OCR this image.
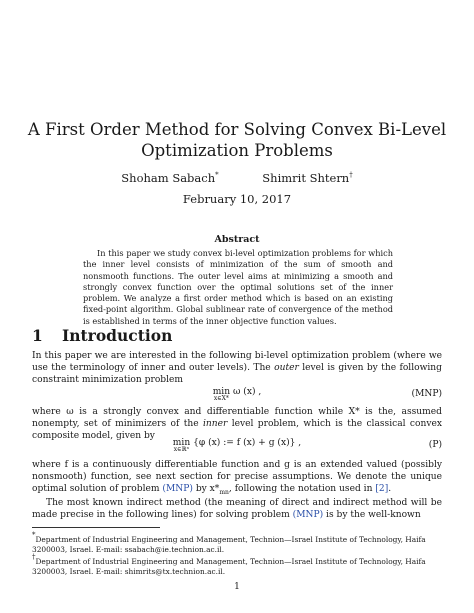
A First Order Method for Solving Convex Bi-Level
Optimization Problems
Shoham Sabach*	Shimrit Shtern†
February 10, 2017
Abstract
In this paper we study convex bi-level optimization problems for which the inner level consists of minimization of the sum of smooth and nonsmooth functions. The outer level aims at minimizing a smooth and strongly convex function over the optimal solutions set of the inner problem. We analyze a first order method which is based on an existing fixed-point algorithm. Global sublinear rate of convergence of the method is established in terms of the inner objective function values.
1 Introduction
In this paper we are interested in the following bi-level optimization problem (where we use the terminology of inner and outer levels). The outer level is given by the following constraint minimization problem
min
x∈X*
ω (x) ,	(MNP)
where ω is a strongly convex and differentiable function while X* is the, assumed nonempty, set of minimizers of the inner level problem, which is the classical convex composite model, given by
min
x∈ℝⁿ
{φ (x) := f (x) + g (x)} ,	(P)
where f is a continuously differentiable function and g is an extended valued (possibly nonsmooth) function, see next section for precise assumptions. We denote the unique optimal solution of problem (MNP) by $x*_{mn}$, following the notation used in [2].
The most known indirect method (the meaning of direct and indirect method will be made precise in the following lines) for solving problem (MNP) is by the well-known
*Department of Industrial Engineering and Management, Technion—Israel Institute of Technology, Haifa 3200003, Israel. E-mail: ssabach@ie.technion.ac.il.
†Department of Industrial Engineering and Management, Technion—Israel Institute of Technology, Haifa 3200003, Israel. E-mail: shimrits@tx.technion.ac.il.
1
